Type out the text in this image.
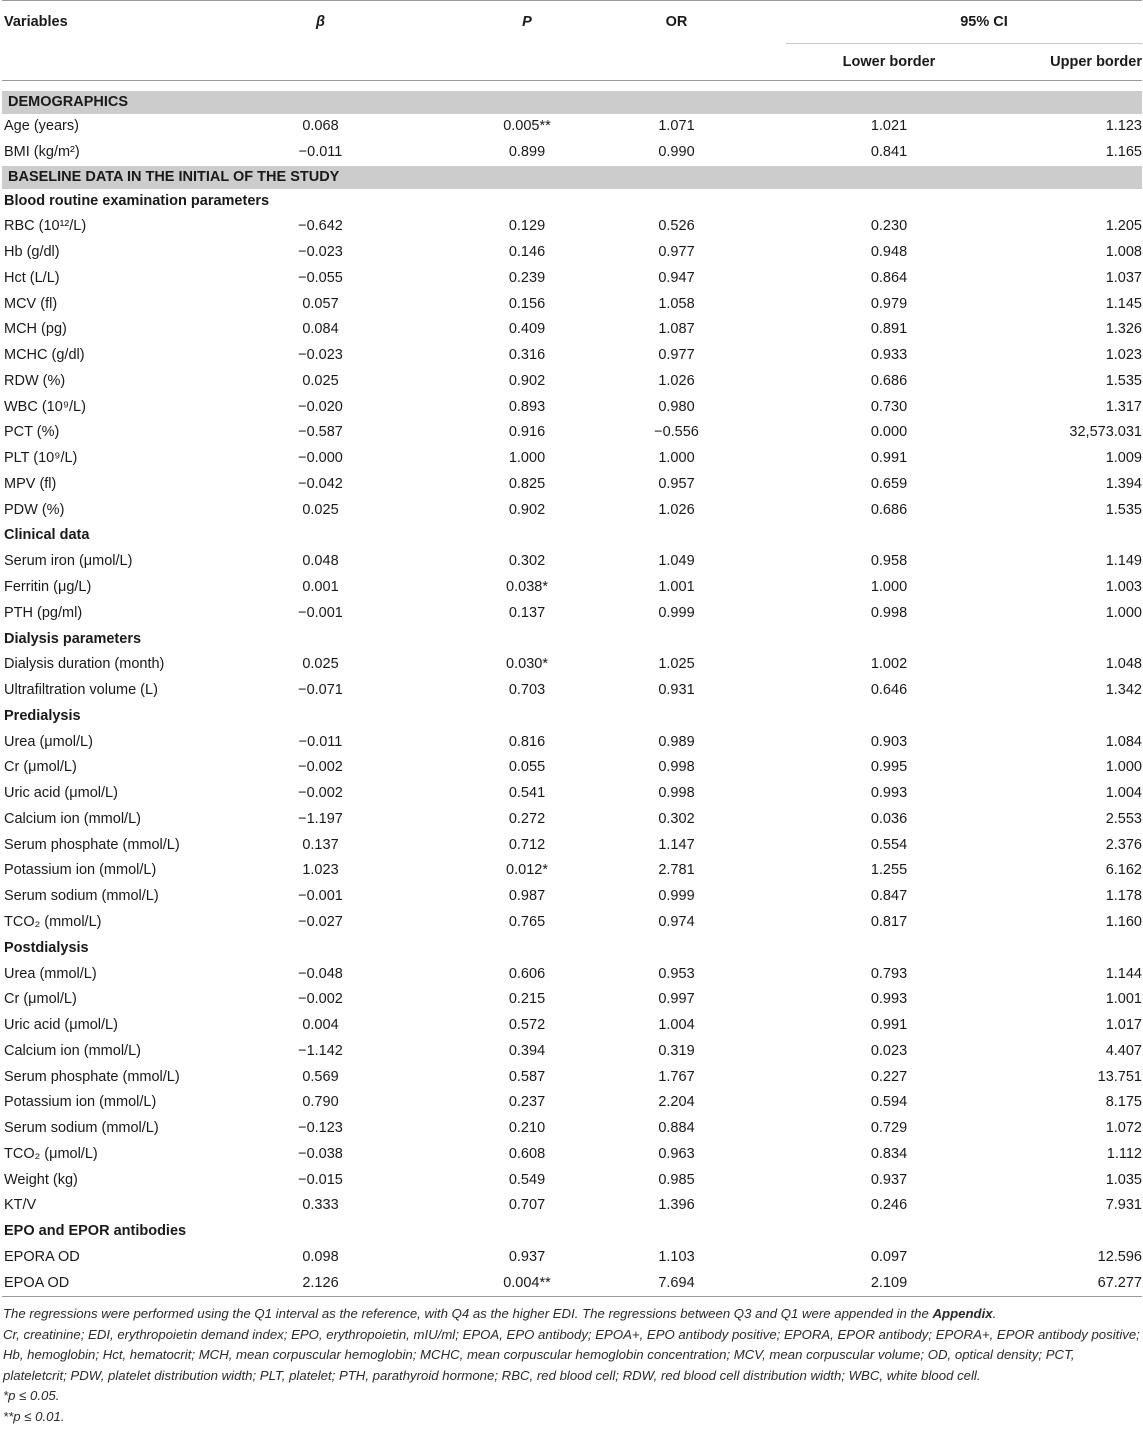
Variables	β	P	OR	95% CI	
				Lower border	Upper border

DEMOGRAPHICS					
Age (years)	0.068	0.005**	1.071	1.021	1.123
BMI (kg/m²)	−0.011	0.899	0.990	0.841	1.165
BASELINE DATA IN THE INITIAL OF THE STUDY					
Blood routine examination parameters					
RBC (10¹²/L)	−0.642	0.129	0.526	0.230	1.205
Hb (g/dl)	−0.023	0.146	0.977	0.948	1.008
Hct (L/L)	−0.055	0.239	0.947	0.864	1.037
MCV (fl)	0.057	0.156	1.058	0.979	1.145
MCH (pg)	0.084	0.409	1.087	0.891	1.326
MCHC (g/dl)	−0.023	0.316	0.977	0.933	1.023
RDW (%)	0.025	0.902	1.026	0.686	1.535
WBC (10⁹/L)	−0.020	0.893	0.980	0.730	1.317
PCT (%)	−0.587	0.916	−0.556	0.000	32,573.031
PLT (10⁹/L)	−0.000	1.000	1.000	0.991	1.009
MPV (fl)	−0.042	0.825	0.957	0.659	1.394
PDW (%)	0.025	0.902	1.026	0.686	1.535
Clinical data					
Serum iron (μmol/L)	0.048	0.302	1.049	0.958	1.149
Ferritin (μg/L)	0.001	0.038*	1.001	1.000	1.003
PTH (pg/ml)	−0.001	0.137	0.999	0.998	1.000
Dialysis parameters					
Dialysis duration (month)	0.025	0.030*	1.025	1.002	1.048
Ultrafiltration volume (L)	−0.071	0.703	0.931	0.646	1.342
Predialysis					
Urea (μmol/L)	−0.011	0.816	0.989	0.903	1.084
Cr (μmol/L)	−0.002	0.055	0.998	0.995	1.000
Uric acid (μmol/L)	−0.002	0.541	0.998	0.993	1.004
Calcium ion (mmol/L)	−1.197	0.272	0.302	0.036	2.553
Serum phosphate (mmol/L)	0.137	0.712	1.147	0.554	2.376
Potassium ion (mmol/L)	1.023	0.012*	2.781	1.255	6.162
Serum sodium (mmol/L)	−0.001	0.987	0.999	0.847	1.178
TCO₂ (mmol/L)	−0.027	0.765	0.974	0.817	1.160
Postdialysis					
Urea (mmol/L)	−0.048	0.606	0.953	0.793	1.144
Cr (μmol/L)	−0.002	0.215	0.997	0.993	1.001
Uric acid (μmol/L)	0.004	0.572	1.004	0.991	1.017
Calcium ion (mmol/L)	−1.142	0.394	0.319	0.023	4.407
Serum phosphate (mmol/L)	0.569	0.587	1.767	0.227	13.751
Potassium ion (mmol/L)	0.790	0.237	2.204	0.594	8.175
Serum sodium (mmol/L)	−0.123	0.210	0.884	0.729	1.072
TCO₂ (μmol/L)	−0.038	0.608	0.963	0.834	1.112
Weight (kg)	−0.015	0.549	0.985	0.937	1.035
KT/V	0.333	0.707	1.396	0.246	7.931
EPO and EPOR antibodies					
EPORA OD	0.098	0.937	1.103	0.097	12.596
EPOA OD	2.126	0.004**	7.694	2.109	67.277

The regressions were performed using the Q1 interval as the reference, with Q4 as the higher EDI. The regressions between Q3 and Q1 were appended in the Appendix.

Cr, creatinine; EDI, erythropoietin demand index; EPO, erythropoietin, mIU/ml; EPOA, EPO antibody; EPOA+, EPO antibody positive; EPORA, EPOR antibody; EPORA+, EPOR antibody positive; Hb, hemoglobin; Hct, hematocrit; MCH, mean corpuscular hemoglobin; MCHC, mean corpuscular hemoglobin concentration; MCV, mean corpuscular volume; OD, optical density; PCT, plateletcrit; PDW, platelet distribution width; PLT, platelet; PTH, parathyroid hormone; RBC, red blood cell; RDW, red blood cell distribution width; WBC, white blood cell.

*p ≤ 0.05.

**p ≤ 0.01.
